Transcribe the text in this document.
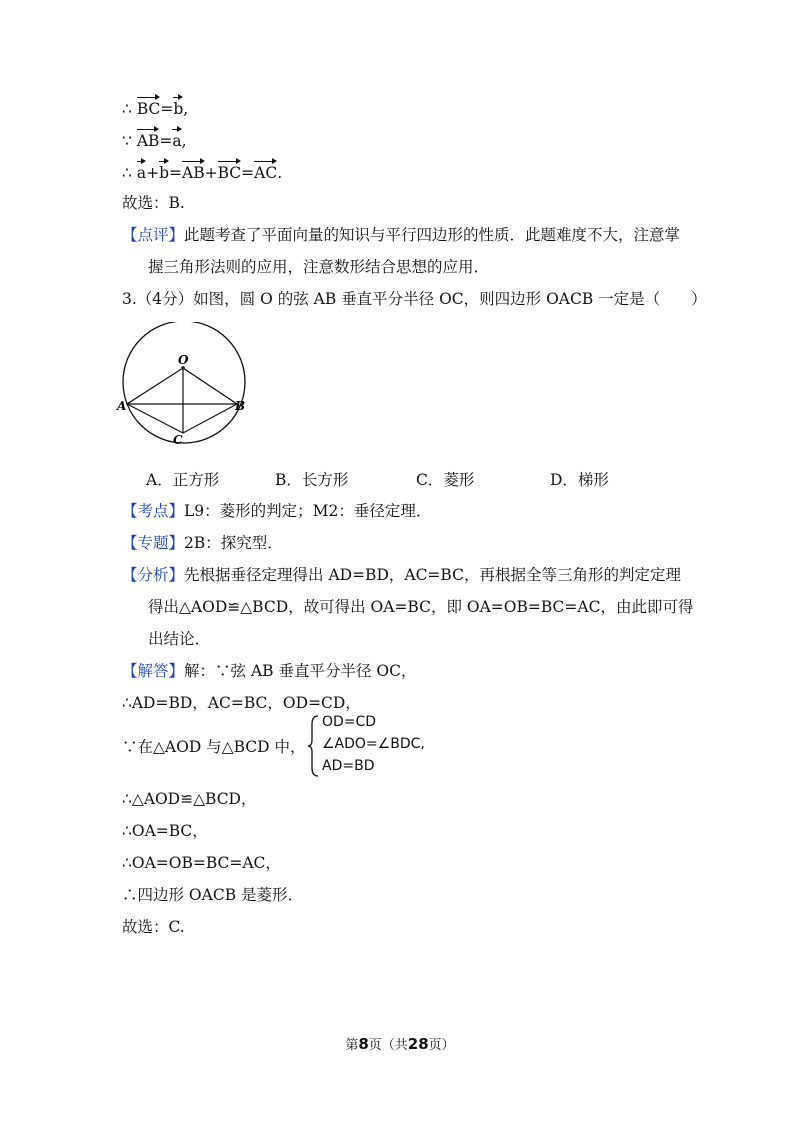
∴ BC=b,
∵ AB=a,
∴ a+b=AB+BC=AC.
故选：B.
【点评】此题考查了平面向量的知识与平行四边形的性质．此题难度不大，注意掌
握三角形法则的应用，注意数形结合思想的应用．
3.（4分）如图，圆 O 的弦 AB 垂直平分半径 OC，则四边形 OACB 一定是（　　）
O
A	B
C
A．正方形	B．长方形	C．菱形	D．梯形
【考点】L9：菱形的判定；M2：垂径定理．
【专题】2B：探究型．
【分析】先根据垂径定理得出 AD=BD，AC=BC，再根据全等三角形的判定定理
得出△AOD≌△BCD，故可得出 OA=BC，即 OA=OB=BC=AC，由此即可得
出结论．
【解答】解：∵弦 AB 垂直平分半径 OC，
∴AD=BD，AC=BC，OD=CD，
∵在△AOD 与△BCD 中，
OD=CD
∠ADO=∠BDC,
AD=BD
∴△AOD≌△BCD，
∴OA=BC，
∴OA=OB=BC=AC，
∴四边形 OACB 是菱形．
故选：C.
第8页（共28页）
